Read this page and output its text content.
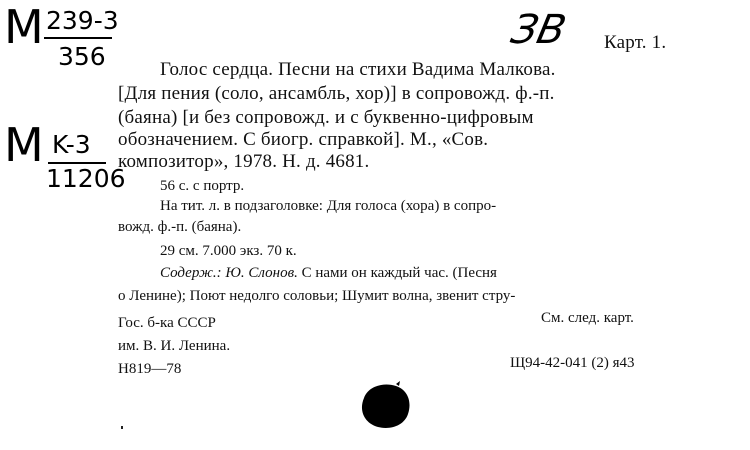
M 239-3
356
M K-3
11206
ЗВ Карт. 1.
Голос сердца. Песни на стихи Вадима Малкова.
[Для пения (соло, ансамбль, хор)] в сопровожд. ф.-п.
(баяна) [и без сопровожд. и с буквенно-цифровым
обозначением. С биогр. справкой]. М., «Сов.
композитор», 1978. Н. д. 4681.
56 с. с портр.
На тит. л. в подзаголовке: Для голоса (хора) в сопро-
вожд. ф.-п. (баяна).
29 см. 7.000 экз. 70 к.
Содерж.: Ю. Слонов. С нами он каждый час. (Песня
о Ленине); Поют недолго соловьи; Шумит волна, звенит стру-
Гос. б-ка СССР	См. след. карт.
им. В. И. Ленина.
Н819—78	Щ94-42-041 (2) я43
